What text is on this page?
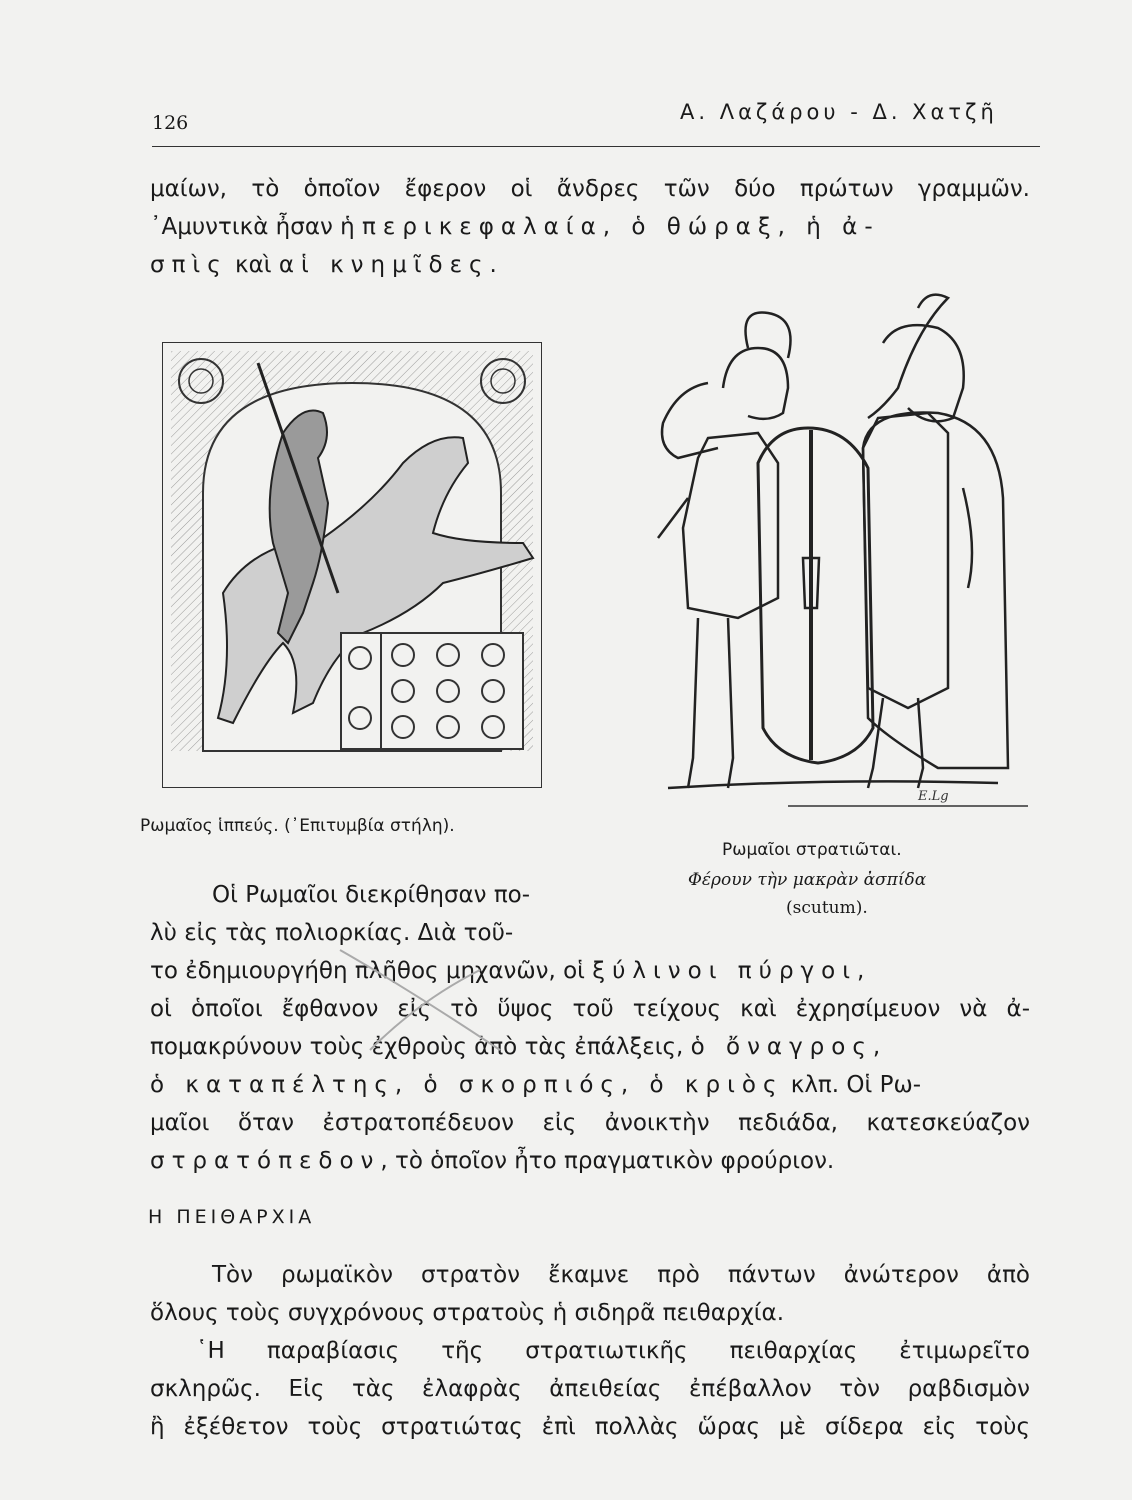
126	Α. Λαζάρου - Δ. Χατζῆ
μαίων, τὸ ὁποῖον ἔφερον οἱ ἄνδρες τῶν δύο πρώτων γραμμῶν.
᾿Αμυντικὰ ἦσαν ἡ περικεφαλαία, ὁ θώραξ, ἡ ἀ-
σπὶς καὶ αἱ κνημῖδες.
Ρωμαῖος ἱππεύς. (᾿Επιτυμβία στήλη).
E.Lg
Ρωμαῖοι στρατιῶται.
Φέρουν τὴν μακρὰν ἀσπίδα
(scutum).
Οἱ Ρωμαῖοι διεκρίθησαν πο-
λὺ εἰς τὰς πολιορκίας. Διὰ τοῦ-
το ἐδημιουργήθη πλῆθος μηχανῶν, οἱ ξύλινοι πύργοι,
οἱ ὁποῖοι ἔφθανον εἰς τὸ ὕψος τοῦ τείχους καὶ ἐχρησίμευον νὰ ἀ-
πομακρύνουν τοὺς ἐχθροὺς ἀπὸ τὰς ἐπάλξεις, ὁ ὄναγρος,
ὁ καταπέλτης, ὁ σκορπιός, ὁ κριὸς κλπ. Οἱ Ρω-
μαῖοι ὅταν ἐστρατοπέδευον εἰς ἀνοικτὴν πεδιάδα, κατεσκεύαζον
στρατόπεδον, τὸ ὁποῖον ἦτο πραγματικὸν φρούριον.
Η ΠΕΙΘΑΡΧΙΑ
Τὸν ρωμαϊκὸν στρατὸν ἔκαμνε πρὸ πάντων ἀνώτερον ἀπὸ
ὅλους τοὺς συγχρόνους στρατοὺς ἡ σιδηρᾶ πειθαρχία.
῾Η παραβίασις τῆς στρατιωτικῆς πειθαρχίας ἐτιμωρεῖτο
σκληρῶς. Εἰς τὰς ἐλαφρὰς ἀπειθείας ἐπέβαλλον τὸν ραβδισμὸν
ἢ ἐξέθετον τοὺς στρατιώτας ἐπὶ πολλὰς ὥρας μὲ σίδερα εἰς τοὺς
